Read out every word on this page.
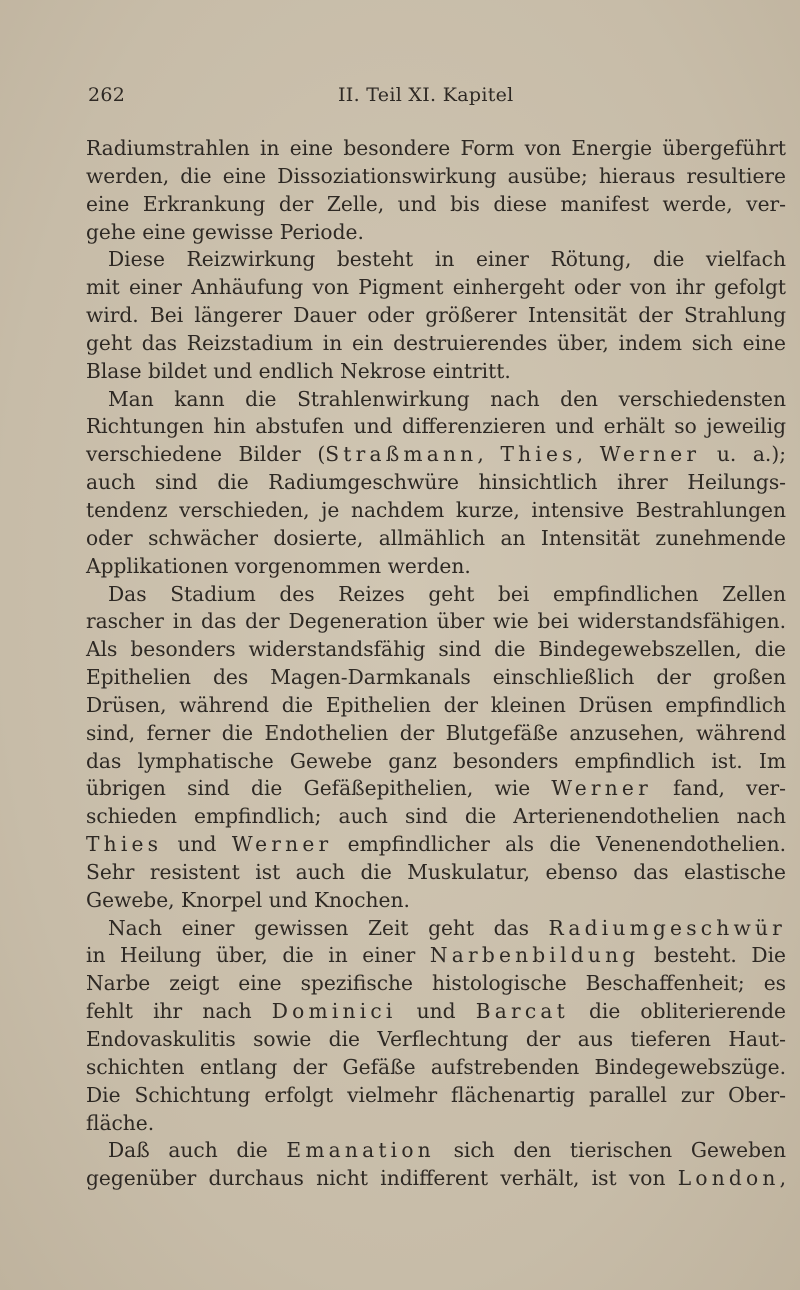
262	II. Teil XI. Kapitel
Radiumstrahlen in eine besondere Form von Energie übergeführt
werden, die eine Dissoziationswirkung ausübe; hieraus resultiere
eine Erkrankung der Zelle, und bis diese manifest werde, ver-
gehe eine gewisse Periode.
Diese Reizwirkung besteht in einer Rötung, die vielfach
mit einer Anhäufung von Pigment einhergeht oder von ihr gefolgt
wird. Bei längerer Dauer oder größerer Intensität der Strahlung
geht das Reizstadium in ein destruierendes über, indem sich eine
Blase bildet und endlich Nekrose eintritt.
Man kann die Strahlenwirkung nach den verschiedensten
Richtungen hin abstufen und differenzieren und erhält so jeweilig
verschiedene Bilder (Straßmann, Thies, Werner u. a.);
auch sind die Radiumgeschwüre hinsichtlich ihrer Heilungs-
tendenz verschieden, je nachdem kurze, intensive Bestrahlungen
oder schwächer dosierte, allmählich an Intensität zunehmende
Applikationen vorgenommen werden.
Das Stadium des Reizes geht bei empfindlichen Zellen
rascher in das der Degeneration über wie bei widerstandsfähigen.
Als besonders widerstandsfähig sind die Bindegewebszellen, die
Epithelien des Magen-Darmkanals einschließlich der großen
Drüsen, während die Epithelien der kleinen Drüsen empfindlich
sind, ferner die Endothelien der Blutgefäße anzusehen, während
das lymphatische Gewebe ganz besonders empfindlich ist. Im
übrigen sind die Gefäßepithelien, wie Werner fand, ver-
schieden empfindlich; auch sind die Arterienendothelien nach
Thies und Werner empfindlicher als die Venenendothelien.
Sehr resistent ist auch die Muskulatur, ebenso das elastische
Gewebe, Knorpel und Knochen.
Nach einer gewissen Zeit geht das Radiumgeschwür
in Heilung über, die in einer Narbenbildung besteht. Die
Narbe zeigt eine spezifische histologische Beschaffenheit; es
fehlt ihr nach Dominici und Barcat die obliterierende
Endovaskulitis sowie die Verflechtung der aus tieferen Haut-
schichten entlang der Gefäße aufstrebenden Bindegewebszüge.
Die Schichtung erfolgt vielmehr flächenartig parallel zur Ober-
fläche.
Daß auch die Emanation sich den tierischen Geweben
gegenüber durchaus nicht indifferent verhält, ist von London,
